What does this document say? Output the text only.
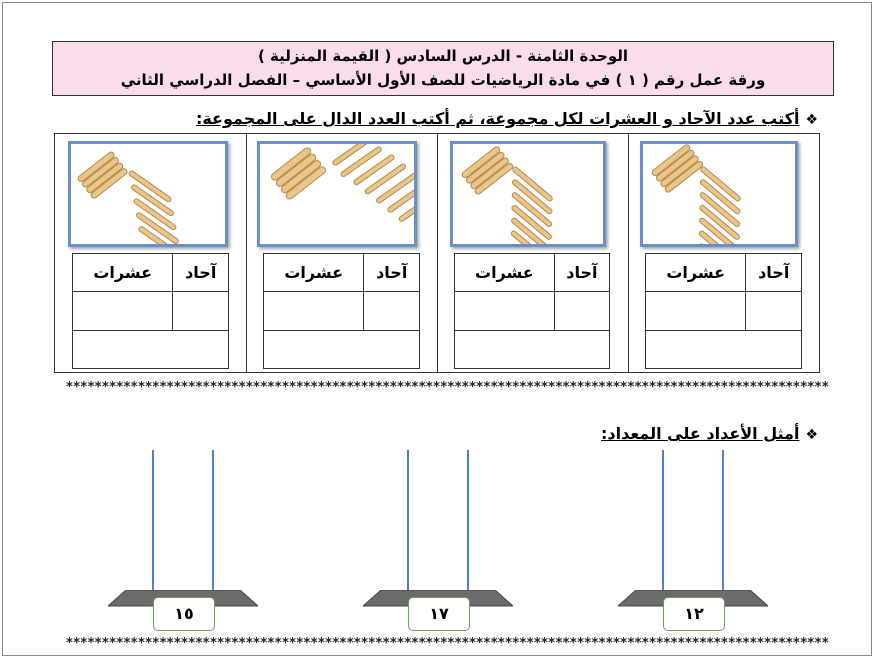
الوحدة الثامنة - الدرس السادس ( القيمة المنزلية )
ورقة عمل رقم ( ١ ) في مادة الرياضيات للصف الأول الأساسي – الفصل الدراسي الثاني
❖أكتب عدد الآحاد و العشرات لكل مجموعة، ثم أكتب العدد الدال على المجموعة:
آحاد	عشرات

آحاد	عشرات

آحاد	عشرات

آحاد	عشرات

**********************************************************************************************************
❖أمثل الأعداد على المعداد:
١٢
١٧
١٥
**********************************************************************************************************
